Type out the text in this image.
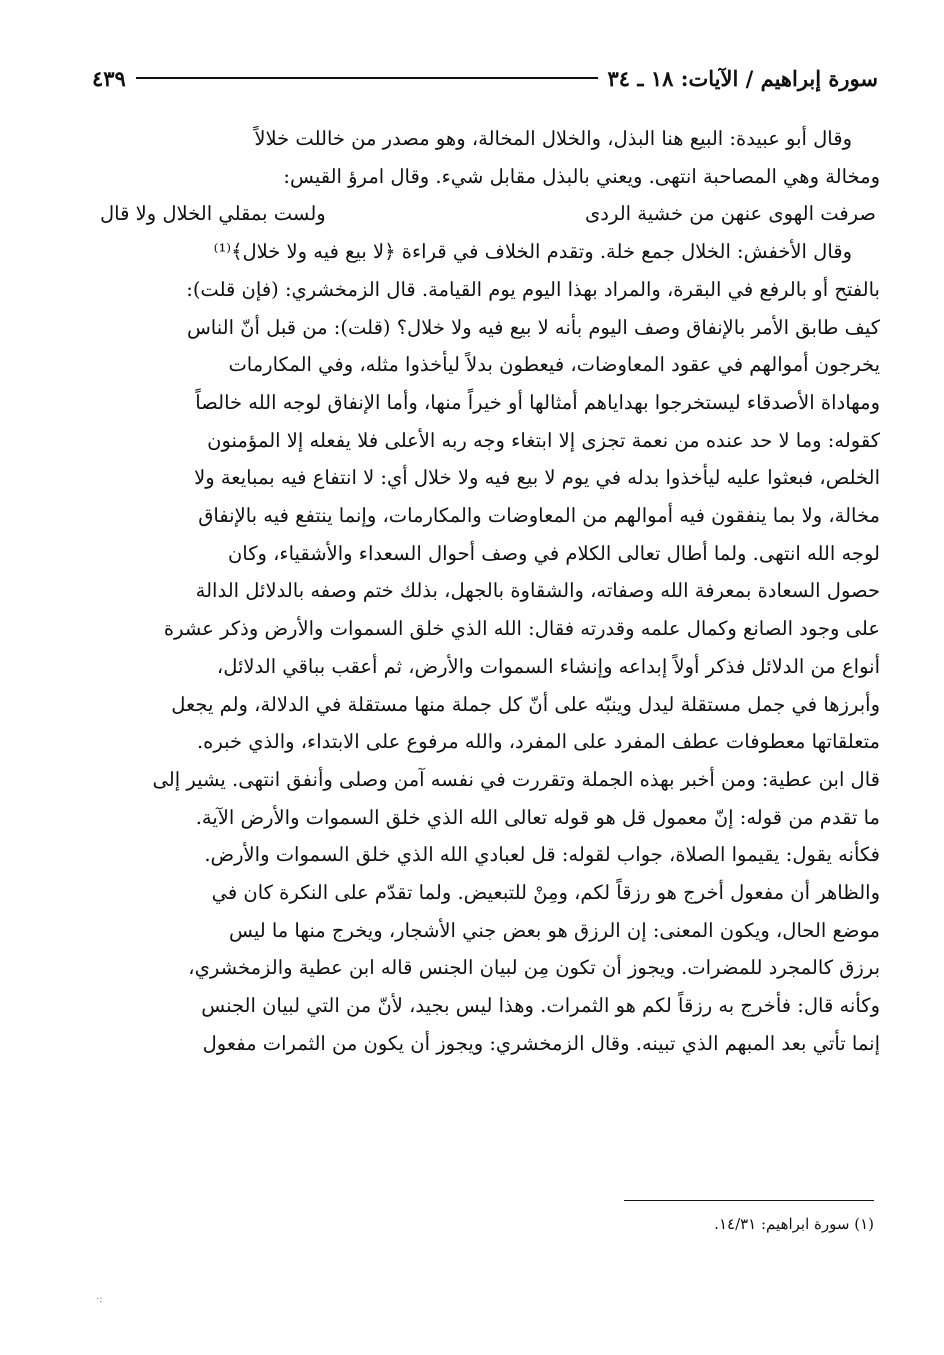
سورة إبراهيم / الآيات: ١٨ ـ ٣٤
٤٣٩
وقال أبو عبيدة: البيع هنا البذل، والخلال المخالة، وهو مصدر من خاللت خلالاً
ومخالة وهي المصاحبة انتهى. ويعني بالبذل مقابل شيء. وقال امرؤ القيس:
صرفت الهوى عنهن من خشية الردى
ولست بمقلي الخلال ولا قال
وقال الأخفش: الخلال جمع خلة. وتقدم الخلاف في قراءة ﴿لا بيع فيه ولا خلال﴾⁽¹⁾
بالفتح أو بالرفع في البقرة، والمراد بهذا اليوم يوم القيامة. قال الزمخشري: (فإن قلت):
كيف طابق الأمر بالإنفاق وصف اليوم بأنه لا بيع فيه ولا خلال؟ (قلت): من قبل أنّ الناس
يخرجون أموالهم في عقود المعاوضات، فيعطون بدلاً ليأخذوا مثله، وفي المكارمات
ومهاداة الأصدقاء ليستخرجوا بهداياهم أمثالها أو خيراً منها، وأما الإنفاق لوجه الله خالصاً
كقوله: وما لا حد عنده من نعمة تجزى إلا ابتغاء وجه ربه الأعلى فلا يفعله إلا المؤمنون
الخلص، فبعثوا عليه ليأخذوا بدله في يوم لا بيع فيه ولا خلال أي: لا انتفاع فيه بمبايعة ولا
مخالة، ولا بما ينفقون فيه أموالهم من المعاوضات والمكارمات، وإنما ينتفع فيه بالإنفاق
لوجه الله انتهى. ولما أطال تعالى الكلام في وصف أحوال السعداء والأشقياء، وكان
حصول السعادة بمعرفة الله وصفاته، والشقاوة بالجهل، بذلك ختم وصفه بالدلائل الدالة
على وجود الصانع وكمال علمه وقدرته فقال: الله الذي خلق السموات والأرض وذكر عشرة
أنواع من الدلائل فذكر أولاً إبداعه وإنشاء السموات والأرض، ثم أعقب بباقي الدلائل،
وأبرزها في جمل مستقلة ليدل وينبّه على أنّ كل جملة منها مستقلة في الدلالة، ولم يجعل
متعلقاتها معطوفات عطف المفرد على المفرد، والله مرفوع على الابتداء، والذي خبره.
قال ابن عطية: ومن أخبر بهذه الجملة وتقررت في نفسه آمن وصلى وأنفق انتهى. يشير إلى
ما تقدم من قوله: إنّ معمول قل هو قوله تعالى الله الذي خلق السموات والأرض الآية.
فكأنه يقول: يقيموا الصلاة، جواب لقوله: قل لعبادي الله الذي خلق السموات والأرض.
والظاهر أن مفعول أخرج هو رزقاً لكم، ومِنْ للتبعيض. ولما تقدّم على النكرة كان في
موضع الحال، ويكون المعنى: إن الرزق هو بعض جني الأشجار، ويخرج منها ما ليس
برزق كالمجرد للمضرات. ويجوز أن تكون مِن لبيان الجنس قاله ابن عطية والزمخشري،
وكأنه قال: فأخرج به رزقاً لكم هو الثمرات. وهذا ليس بجيد، لأنّ من التي لبيان الجنس
إنما تأتي بعد المبهم الذي تبينه. وقال الزمخشري: ويجوز أن يكون من الثمرات مفعول
(١) سورة ابراهيم: ١٤/٣١.
·:
